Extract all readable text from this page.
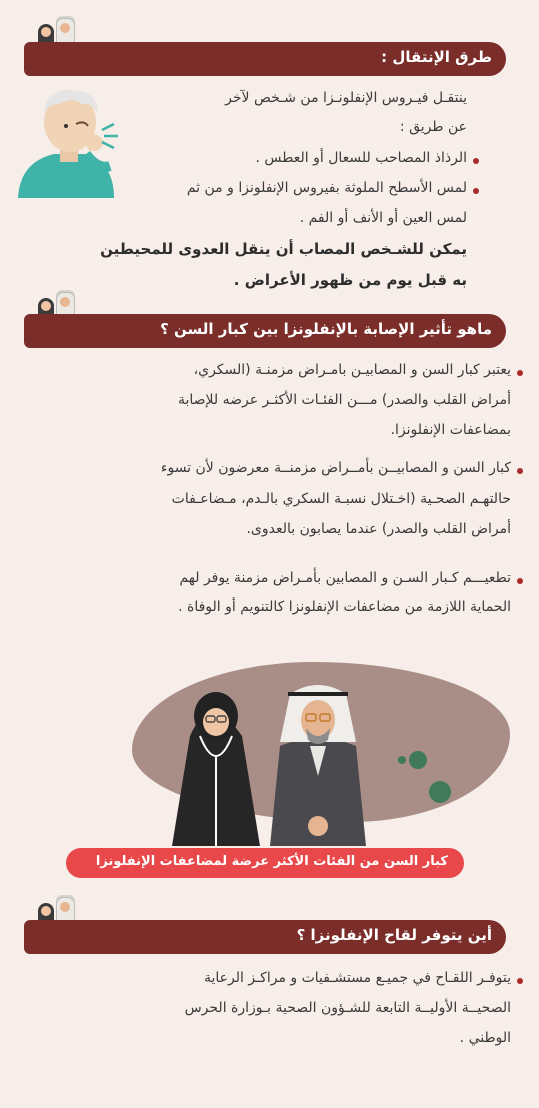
طرق الإنتقال :
ينتقـل فيـروس الإنفلونـزا من شـخص لآخر
عن طريق :
الرذاذ المصاحب للسعال أو العطس .
لمس الأسطح الملوثة بفيروس الإنفلونزا و من ثم
لمس العين أو الأنف أو الفم .
يمكن للشـخص المصاب أن ينقل العدوى للمحيطين
به قبل يوم من ظهور الأعراض .
ماهو تأثير الإصابة بالإنفلونزا بين كبار السن ؟
يعتبر كبار السن و المصابيـن بامـراض مزمنـة (السكري،
أمراض القلب والصدر) مـــن الفئـات الأكثـر عرضه للإصابة
بمضاعفات الإنفلونزا.
كبار السن و المصابيــن بأمــراض مزمنــة معرضون لأن تسوء
حالتهـم الصحـية (اخـتلال نسبـة السكري بالـدم، مـضاعـفات
أمراض القلب والصدر) عندما يصابون بالعدوى.
تطعيـــم كـبار السـن و المصابين بأمـراض مزمنة يوفر لهم
الحماية اللازمة من مضاعفات الإنفلونزا كالتنويم أو الوفاة .
كبار السن من الفئات الأكثر عرضة لمضاعفات الإنفلونزا
أين يتوفر لقاح الإنفلونزا ؟
يتوفـر اللقـاح في جميـع مستشـفيات و مراكـز الرعاية
الصحيــة الأوليــة التابعة للشـؤون الصحية بـوزارة الحرس
الوطني .
